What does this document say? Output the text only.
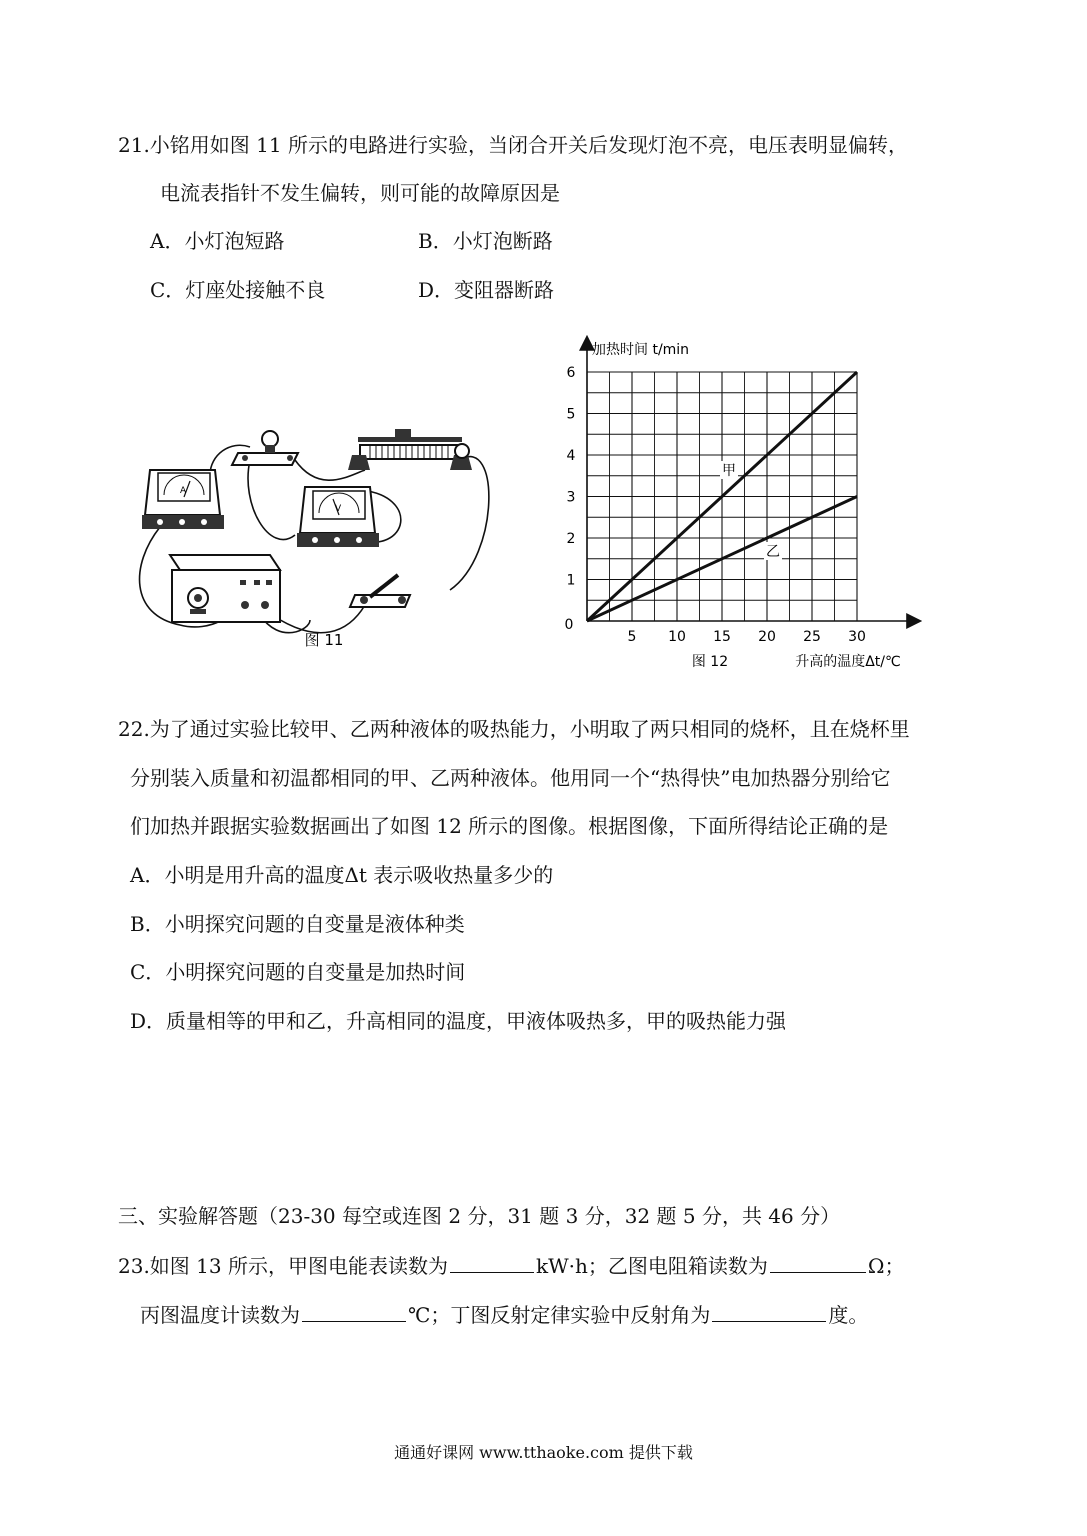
21.小铭用如图 11 所示的电路进行实验，当闭合开关后发现灯泡不亮，电压表明显偏转，
电流表指针不发生偏转，则可能的故障原因是
A．小灯泡短路	B．小灯泡断路
C．灯座处接触不良	D．变阻器断路
A
V
图 11	5 10 15 20 25 30
1
2
3
4
5
6
0
加热时间 t/min
甲
乙
图 12	升高的温度Δt/℃
22.为了通过实验比较甲、乙两种液体的吸热能力，小明取了两只相同的烧杯，且在烧杯里
分别装入质量和初温都相同的甲、乙两种液体。他用同一个“热得快”电加热器分别给它
们加热并跟据实验数据画出了如图 12 所示的图像。根据图像，下面所得结论正确的是
A．小明是用升高的温度Δt 表示吸收热量多少的
B．小明探究问题的自变量是液体种类
C．小明探究问题的自变量是加热时间
D．质量相等的甲和乙，升高相同的温度，甲液体吸热多，甲的吸热能力强
三、实验解答题（23-30 每空或连图 2 分，31 题 3 分，32 题 5 分，共 46 分）
23.如图 13 所示，甲图电能表读数为	kW·h；乙图电阻箱读数为	Ω；
丙图温度计读数为	℃；丁图反射定律实验中反射角为	度。
通通好课网 www.tthaoke.com 提供下载
